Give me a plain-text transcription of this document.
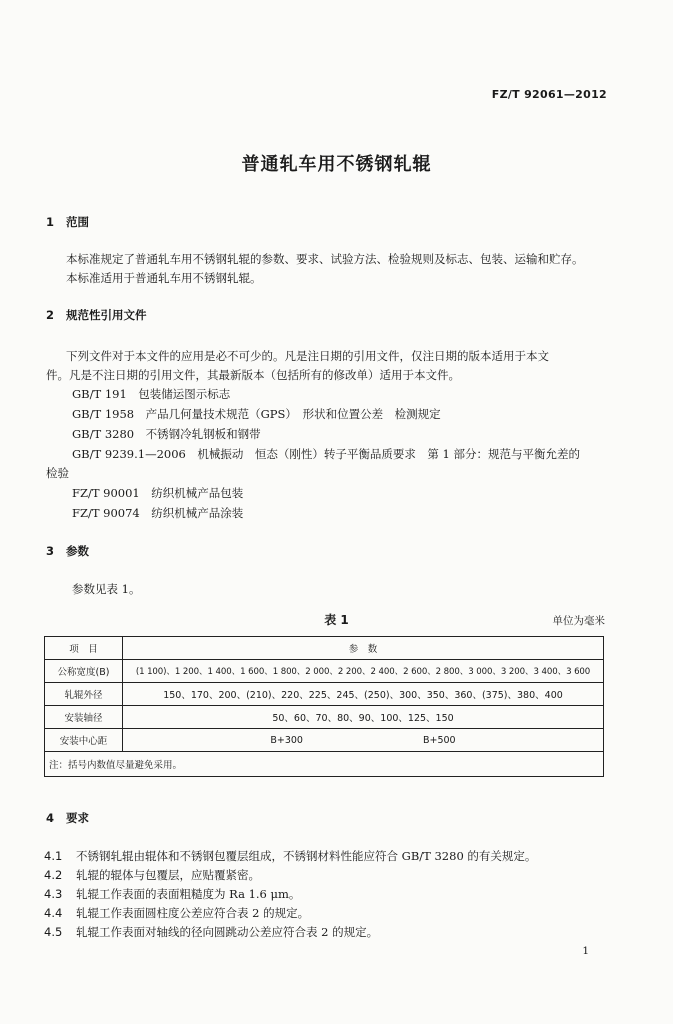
FZ/T 92061—2012
普通轧车用不锈钢轧辊
1 范围
本标准规定了普通轧车用不锈钢轧辊的参数、要求、试验方法、检验规则及标志、包装、运输和贮存。
本标准适用于普通轧车用不锈钢轧辊。
2 规范性引用文件
下列文件对于本文件的应用是必不可少的。凡是注日期的引用文件，仅注日期的版本适用于本文
件。凡是不注日期的引用文件，其最新版本（包括所有的修改单）适用于本文件。
GB/T 191　包装储运图示标志
GB/T 1958　产品几何量技术规范（GPS）　形状和位置公差　检测规定
GB/T 3280　不锈钢冷轧钢板和钢带
GB/T 9239.1—2006　机械振动　恒态（刚性）转子平衡品质要求　第 1 部分：规范与平衡允差的
检验
FZ/T 90001　纺织机械产品包装
FZ/T 90074　纺织机械产品涂装
3 参数
参数见表 1。
表 1	单位为毫米
项　目	参　数	
公称宽度(B)	(1 100)、1 200、1 400、1 600、1 800、2 000、2 200、2 400、2 600、2 800、3 000、3 200、3 400、3 600	
轧辊外径	150、170、200、(210)、220、225、245、(250)、300、350、360、(375)、380、400	
安装轴径	50、60、70、80、90、100、125、150	
安装中心距	B+300	B+500
注：括号内数值尽量避免采用。		
4 要求
4.1 不锈钢轧辊由辊体和不锈钢包覆层组成，不锈钢材料性能应符合 GB/T 3280 的有关规定。
4.2 轧辊的辊体与包覆层，应贴覆紧密。
4.3 轧辊工作表面的表面粗糙度为 Ra 1.6 μm。
4.4 轧辊工作表面圆柱度公差应符合表 2 的规定。
4.5 轧辊工作表面对轴线的径向圆跳动公差应符合表 2 的规定。
1
